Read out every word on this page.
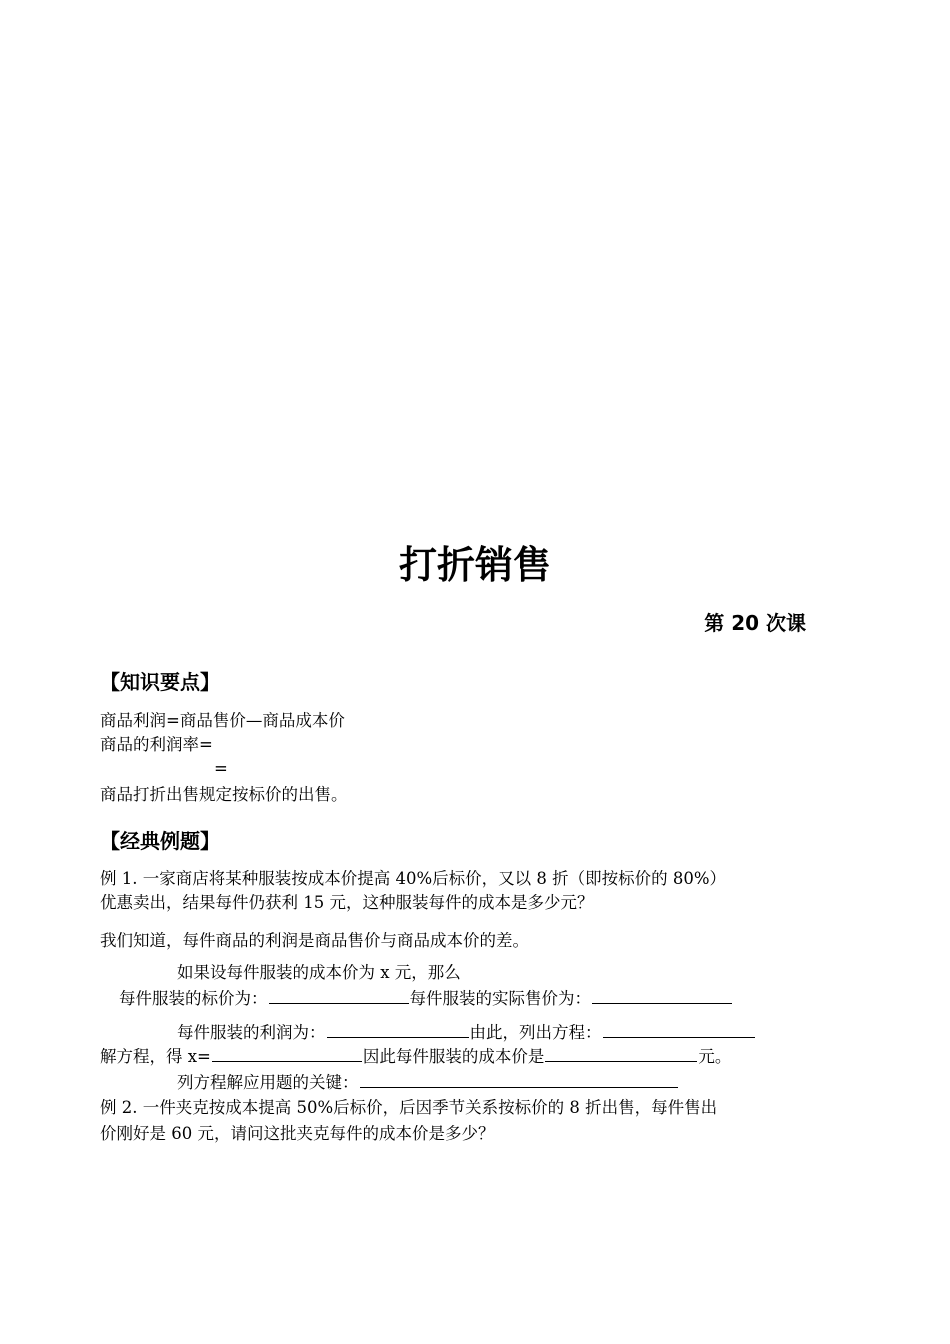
打折销售
第 20 次课
【知识要点】
商品利润=商品售价—商品成本价
商品的利润率=
=
商品打折出售规定按标价的出售。
【经典例题】
例 1. 一家商店将某种服装按成本价提高 40%后标价，又以 8 折（即按标价的 80%）
优惠卖出，结果每件仍获利 15 元，这种服装每件的成本是多少元？
我们知道，每件商品的利润是商品售价与商品成本价的差。
如果设每件服装的成本价为 x 元，那么
每件服装的标价为：	每件服装的实际售价为：
每件服装的利润为：	由此，列出方程：
解方程，得 x=	因此每件服装的成本价是	元。
列方程解应用题的关键：
例 2. 一件夹克按成本提高 50%后标价，后因季节关系按标价的 8 折出售，每件售出
价刚好是 60 元，请问这批夹克每件的成本价是多少？
